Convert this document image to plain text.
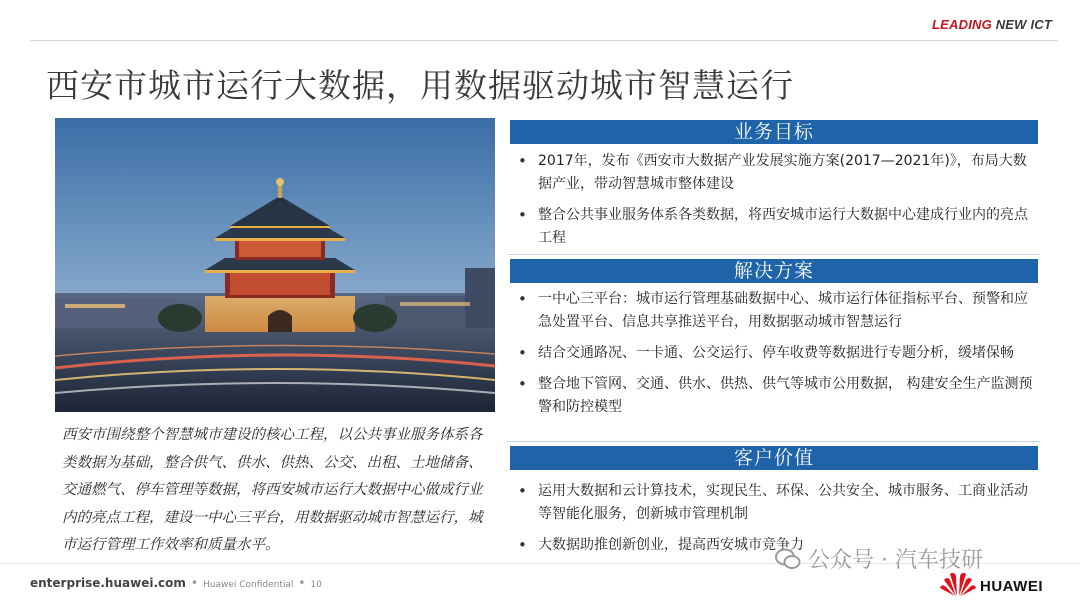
LEADING NEW ICT
西安市城市运行大数据，用数据驱动城市智慧运行
西安市围绕整个智慧城市建设的核心工程，以公共事业服务体系各类数据为基础，整合供气、供水、供热、公交、出租、土地储备、交通燃气、停车管理等数据，将西安城市运行大数据中心做成行业内的亮点工程，建设一中心三平台，用数据驱动城市智慧运行，城市运行管理工作效率和质量水平。
业务目标
• 2017年，发布《西安市大数据产业发展实施方案(2017—2021年)》，布局大数据产业，带动智慧城市整体建设
• 整合公共事业服务体系各类数据，将西安城市运行大数据中心建成行业内的亮点工程
解决方案
• 一中心三平台：城市运行管理基础数据中心、城市运行体征指标平台、预警和应急处置平台、信息共享推送平台，用数据驱动城市智慧运行
• 结合交通路况、一卡通、公交运行、停车收费等数据进行专题分析，缓堵保畅
• 整合地下管网、交通、供水、供热、供气等城市公用数据， 构建安全生产监测预警和防控模型
客户价值
• 运用大数据和云计算技术，实现民生、环保、公共安全、城市服务、工商业活动等智能化服务，创新城市管理机制
• 大数据助推创新创业，提高西安城市竞争力
enterprise.huawei.com • Huawei Confidential • 10
公众号 · 汽车技研
HUAWEI
